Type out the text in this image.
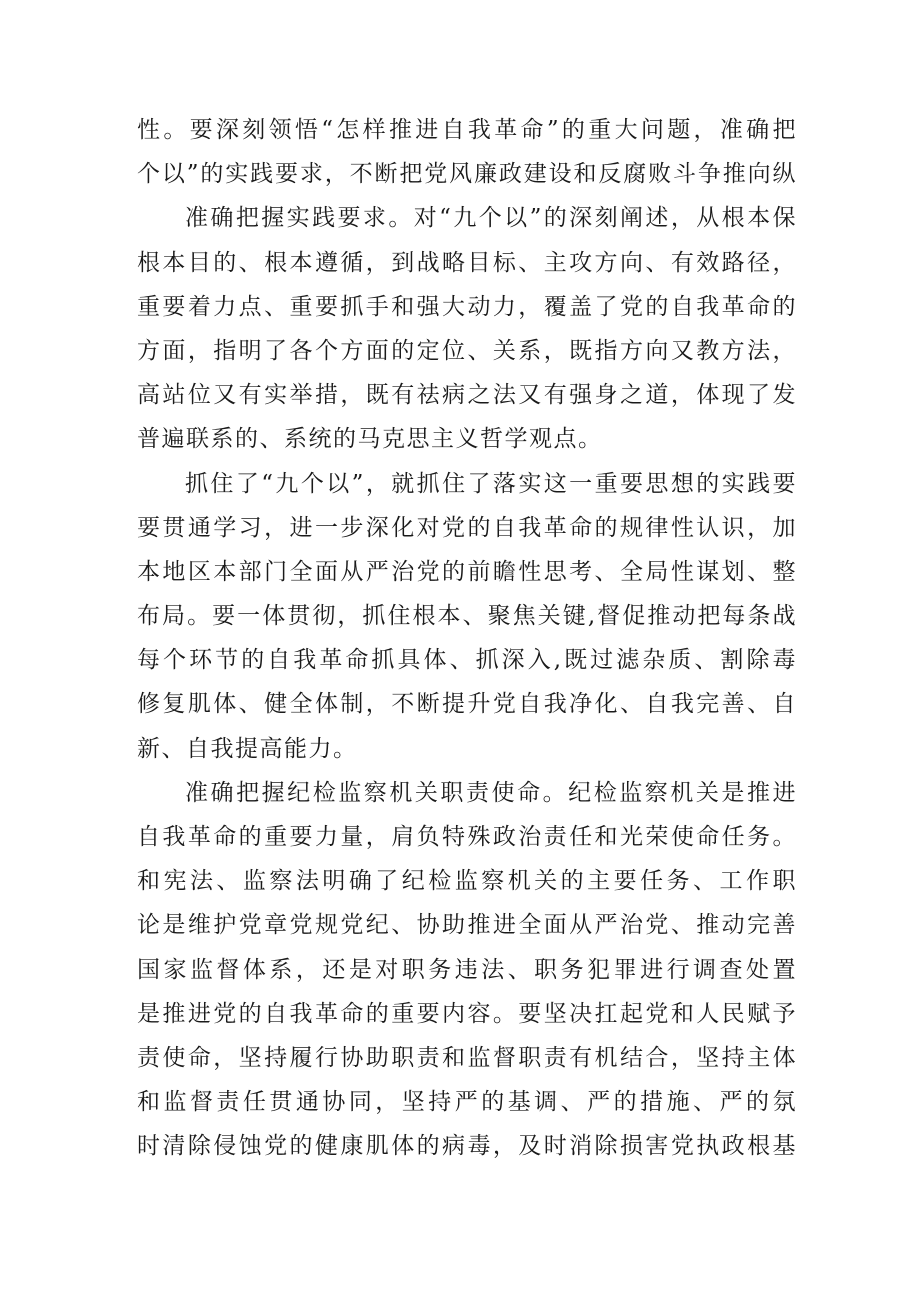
性。要深刻领悟“怎样推进自我革命”的重大问题，准确把
个以”的实践要求，不断把党风廉政建设和反腐败斗争推向纵
准确把握实践要求。对“九个以”的深刻阐述，从根本保
根本目的、根本遵循，到战略目标、主攻方向、有效路径，
重要着力点、重要抓手和强大动力，覆盖了党的自我革命的
方面，指明了各个方面的定位、关系，既指方向又教方法，
高站位又有实举措，既有祛病之法又有强身之道，体现了发
普遍联系的、系统的马克思主义哲学观点。
抓住了“九个以”，就抓住了落实这一重要思想的实践要
要贯通学习，进一步深化对党的自我革命的规律性认识，加
本地区本部门全面从严治党的前瞻性思考、全局性谋划、整
布局。要一体贯彻，抓住根本、聚焦关键,督促推动把每条战
每个环节的自我革命抓具体、抓深入,既过滤杂质、割除毒
修复肌体、健全体制，不断提升党自我净化、自我完善、自
新、自我提高能力。
准确把握纪检监察机关职责使命。纪检监察机关是推进
自我革命的重要力量，肩负特殊政治责任和光荣使命任务。
和宪法、监察法明确了纪检监察机关的主要任务、工作职
论是维护党章党规党纪、协助推进全面从严治党、推动完善
国家监督体系，还是对职务违法、职务犯罪进行调查处置
是推进党的自我革命的重要内容。要坚决扛起党和人民赋予
责使命，坚持履行协助职责和监督职责有机结合，坚持主体
和监督责任贯通协同，坚持严的基调、严的措施、严的氛
时清除侵蚀党的健康肌体的病毒，及时消除损害党执政根基
